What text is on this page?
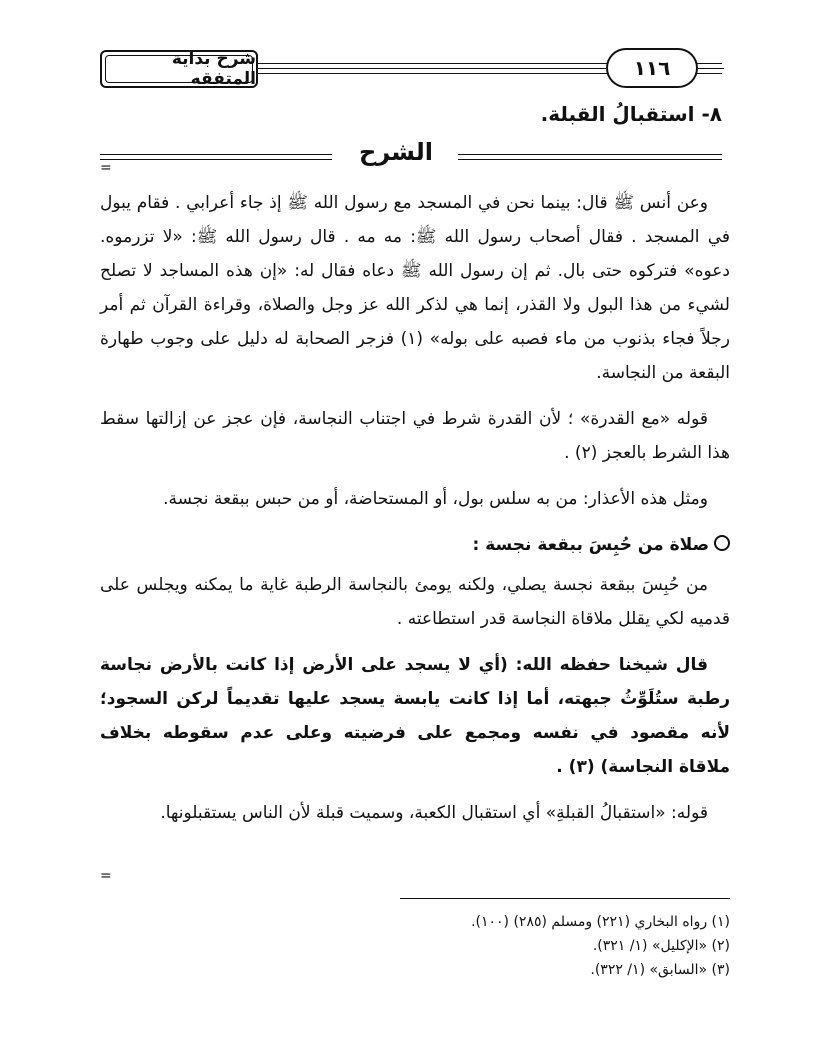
شرح بداية المتفقه	١١٦
٨- استقبالُ القبلة.
الشرح
=

وعن أنس ﷺ قال: بينما نحن في المسجد مع رسول الله ﷺ إذ جاء أعرابي . فقام يبول في المسجد . فقال أصحاب رسول الله ﷺ: مه مه . قال رسول الله ﷺ: «لا تزرموه. دعوه» فتركوه حتى بال. ثم إن رسول الله ﷺ دعاه فقال له: «إن هذه المساجد لا تصلح لشيء من هذا البول ولا القذر، إنما هي لذكر الله عز وجل والصلاة، وقراءة القرآن ثم أمر رجلاً فجاء بذنوب من ماء فصبه على بوله» (١) فزجر الصحابة له دليل على وجوب طهارة البقعة من النجاسة.

قوله «مع القدرة» ؛ لأن القدرة شرط في اجتناب النجاسة، فإن عجز عن إزالتها سقط هذا الشرط بالعجز (٢) .

ومثل هذه الأعذار: من به سلس بول، أو المستحاضة، أو من حبس ببقعة نجسة.

صلاة من حُبِسَ ببقعة نجسة :

من حُبِسَ ببقعة نجسة يصلي، ولكنه يومئ بالنجاسة الرطبة غاية ما يمكنه ويجلس على قدميه لكي يقلل ملاقاة النجاسة قدر استطاعته .

قال شيخنا حفظه الله: (أي لا يسجد على الأرض إذا كانت بالأرض نجاسة رطبة ستُلَوِّثُ جبهته، أما إذا كانت يابسة يسجد عليها تقديماً لركن السجود؛ لأنه مقصود في نفسه ومجمع على فرضيته وعلى عدم سقوطه بخلاف ملاقاة النجاسة) (٣) .

قوله: «استقبالُ القبلةِ» أي استقبال الكعبة، وسميت قبلة لأن الناس يستقبلونها.

=
(١) رواه البخاري (٢٢١) ومسلم (٢٨٥) (١٠٠).
(٢) «الإكليل» (١/ ٣٢١).
(٣) «السابق» (١/ ٣٢٢).
